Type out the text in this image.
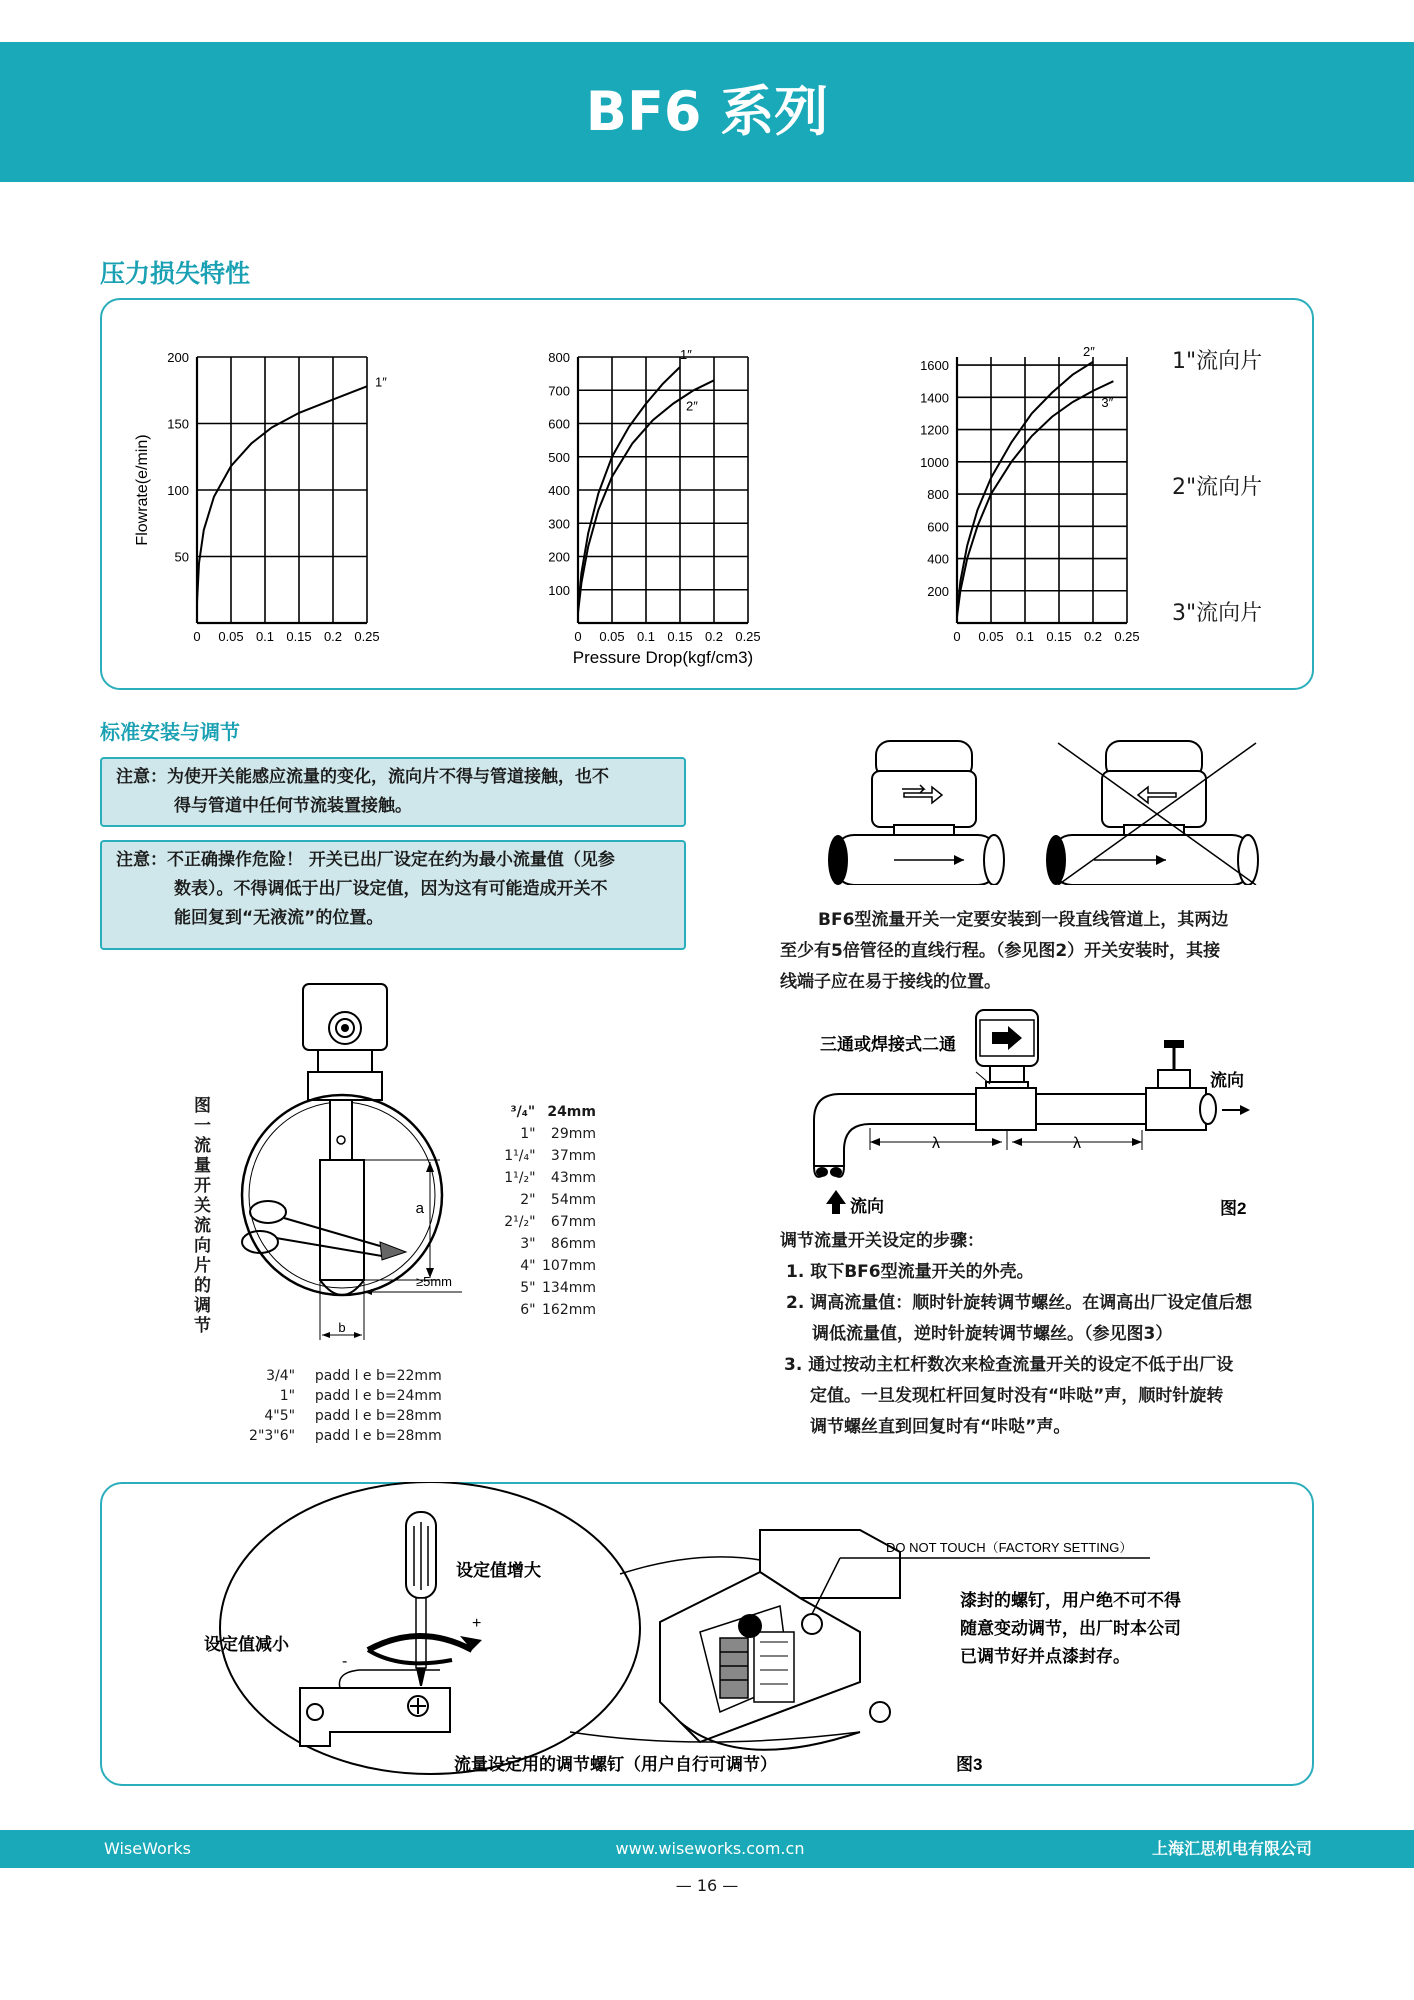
BF6 系列
压力损失特性
50
100
150
200
0 0.05 0.1 0.15 0.2 0.25
Flowrate(e/min)
1″
100
200
300
400
500
600
700
800
0 0.05 0.1 0.15 0.2 0.25
Pressure Drop(kgf/cm3)
1″
2″
200
400
600
800
1000
1200
1400
1600
0 0.05 0.1 0.15 0.2 0.25
2″
3″
1"流向片
2"流向片
3"流向片
标准安装与调节
注意：为使开关能感应流量的变化，流向片不得与管道接触，也不
得与管道中任何节流装置接触。
注意：不正确操作危险！ 开关已出厂设定在约为最小流量值（见参
数表）。不得调低于出厂设定值，因为这有可能造成开关不
能回复到“无液流”的位置。
图一 流量开关流向片的调节
a
≥5mm
b
³/₄" 24mm
1" 29mm
1¹/₄" 37mm
1¹/₂" 43mm
2" 54mm
2¹/₂" 67mm
3" 86mm
4" 107mm
5" 134mm
6" 162mm
3/4" padd l e b=22mm
1" padd l e b=24mm
4"5" padd l e b=28mm
2"3"6" padd l e b=28mm
BF6型流量开关一定要安装到一段直线管道上，其两边
至少有5倍管径的直线行程。（参见图2）开关安装时，其接
线端子应在易于接线的位置。
三通或焊接式二通
λ	λ
流向
流向	图2
调节流量开关设定的步骤：
1. 取下BF6型流量开关的外壳。
2. 调高流量值：顺时针旋转调节螺丝。在调高出厂设定值后想
调低流量值，逆时针旋转调节螺丝。（参见图3）
3. 通过按动主杠杆数次来检查流量开关的设定不低于出厂设
定值。一旦发现杠杆回复时没有“咔哒”声，顺时针旋转
调节螺丝直到回复时有“咔哒”声。
+
-
DO NOT TOUCH（FACTORY SETTING）
漆封的螺钉，用户绝不可不得
随意变动调节，出厂时本公司
已调节好并点漆封存。
设定值增大
设定值减小
流量设定用的调节螺钉（用户自行可调节）	图3
WiseWorks	www.wiseworks.com.cn	上海汇思机电有限公司
— 16 —
